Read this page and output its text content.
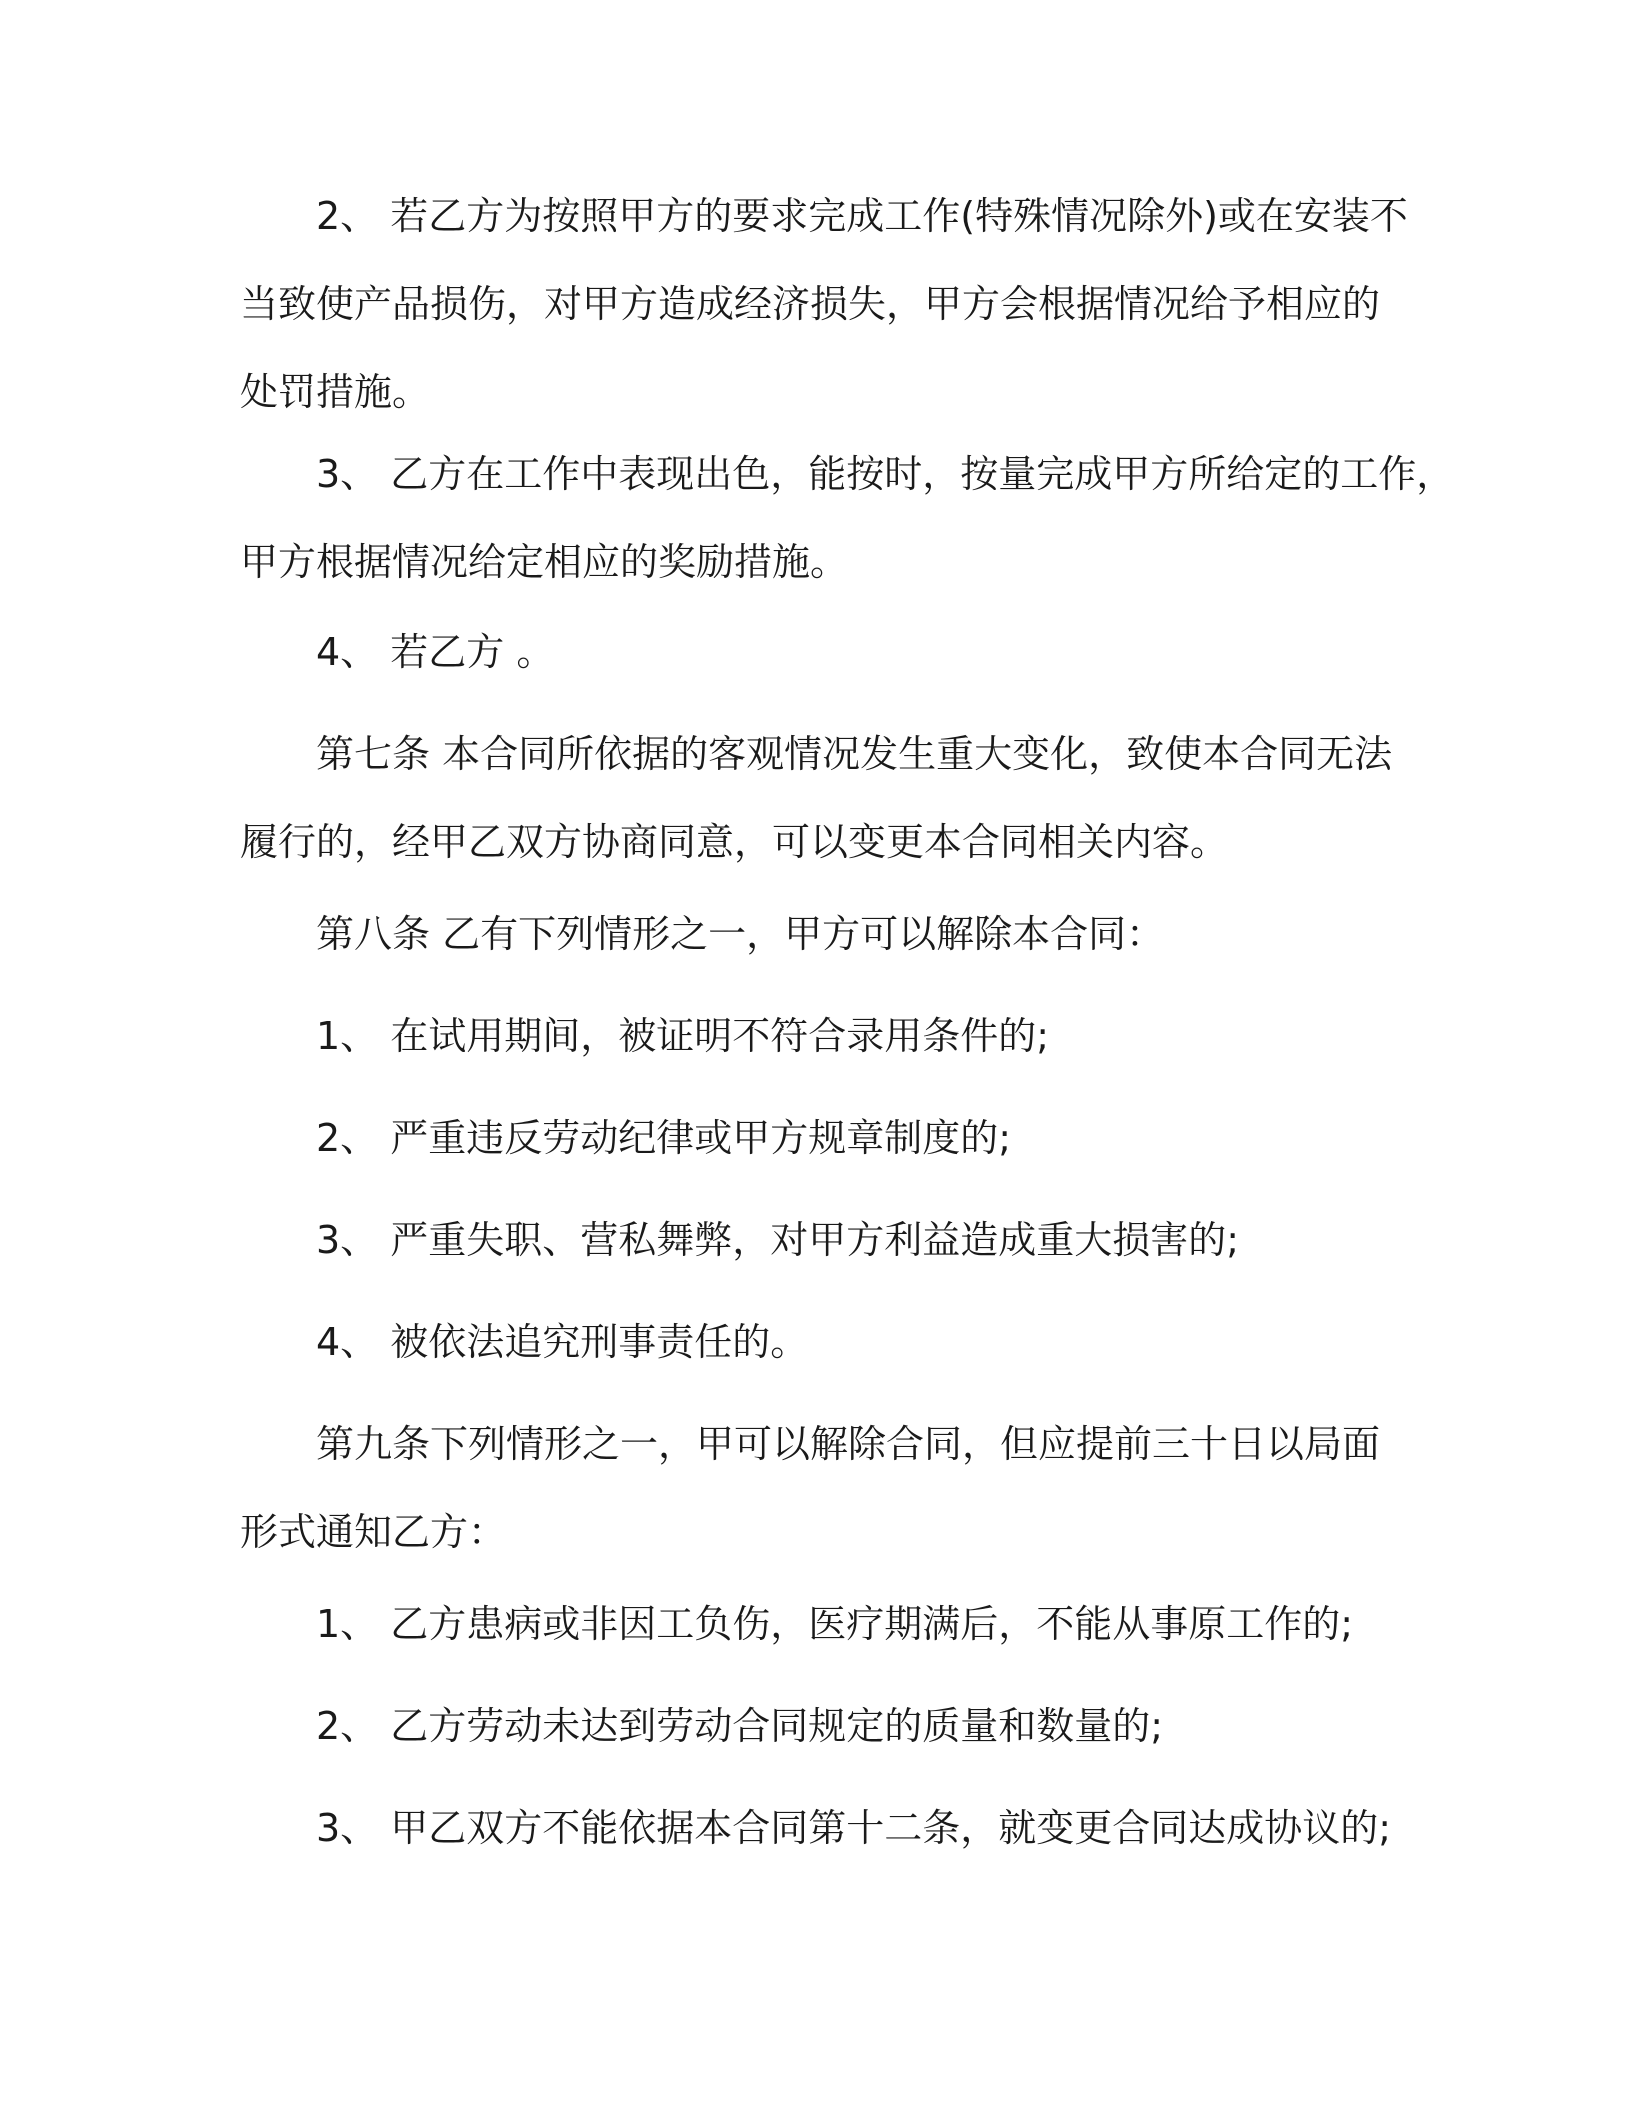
2、 若乙方为按照甲方的要求完成工作(特殊情况除外)或在安装不
当致使产品损伤，对甲方造成经济损失，甲方会根据情况给予相应的
处罚措施。
3、 乙方在工作中表现出色，能按时，按量完成甲方所给定的工作，
甲方根据情况给定相应的奖励措施。
4、 若乙方 。
第七条 本合同所依据的客观情况发生重大变化，致使本合同无法
履行的，经甲乙双方协商同意，可以变更本合同相关内容。
第八条 乙有下列情形之一，甲方可以解除本合同：
1、 在试用期间，被证明不符合录用条件的;
2、 严重违反劳动纪律或甲方规章制度的;
3、 严重失职、营私舞弊，对甲方利益造成重大损害的;
4、 被依法追究刑事责任的。
第九条下列情形之一，甲可以解除合同，但应提前三十日以局面
形式通知乙方：
1、 乙方患病或非因工负伤，医疗期满后，不能从事原工作的;
2、 乙方劳动未达到劳动合同规定的质量和数量的;
3、 甲乙双方不能依据本合同第十二条，就变更合同达成协议的;
